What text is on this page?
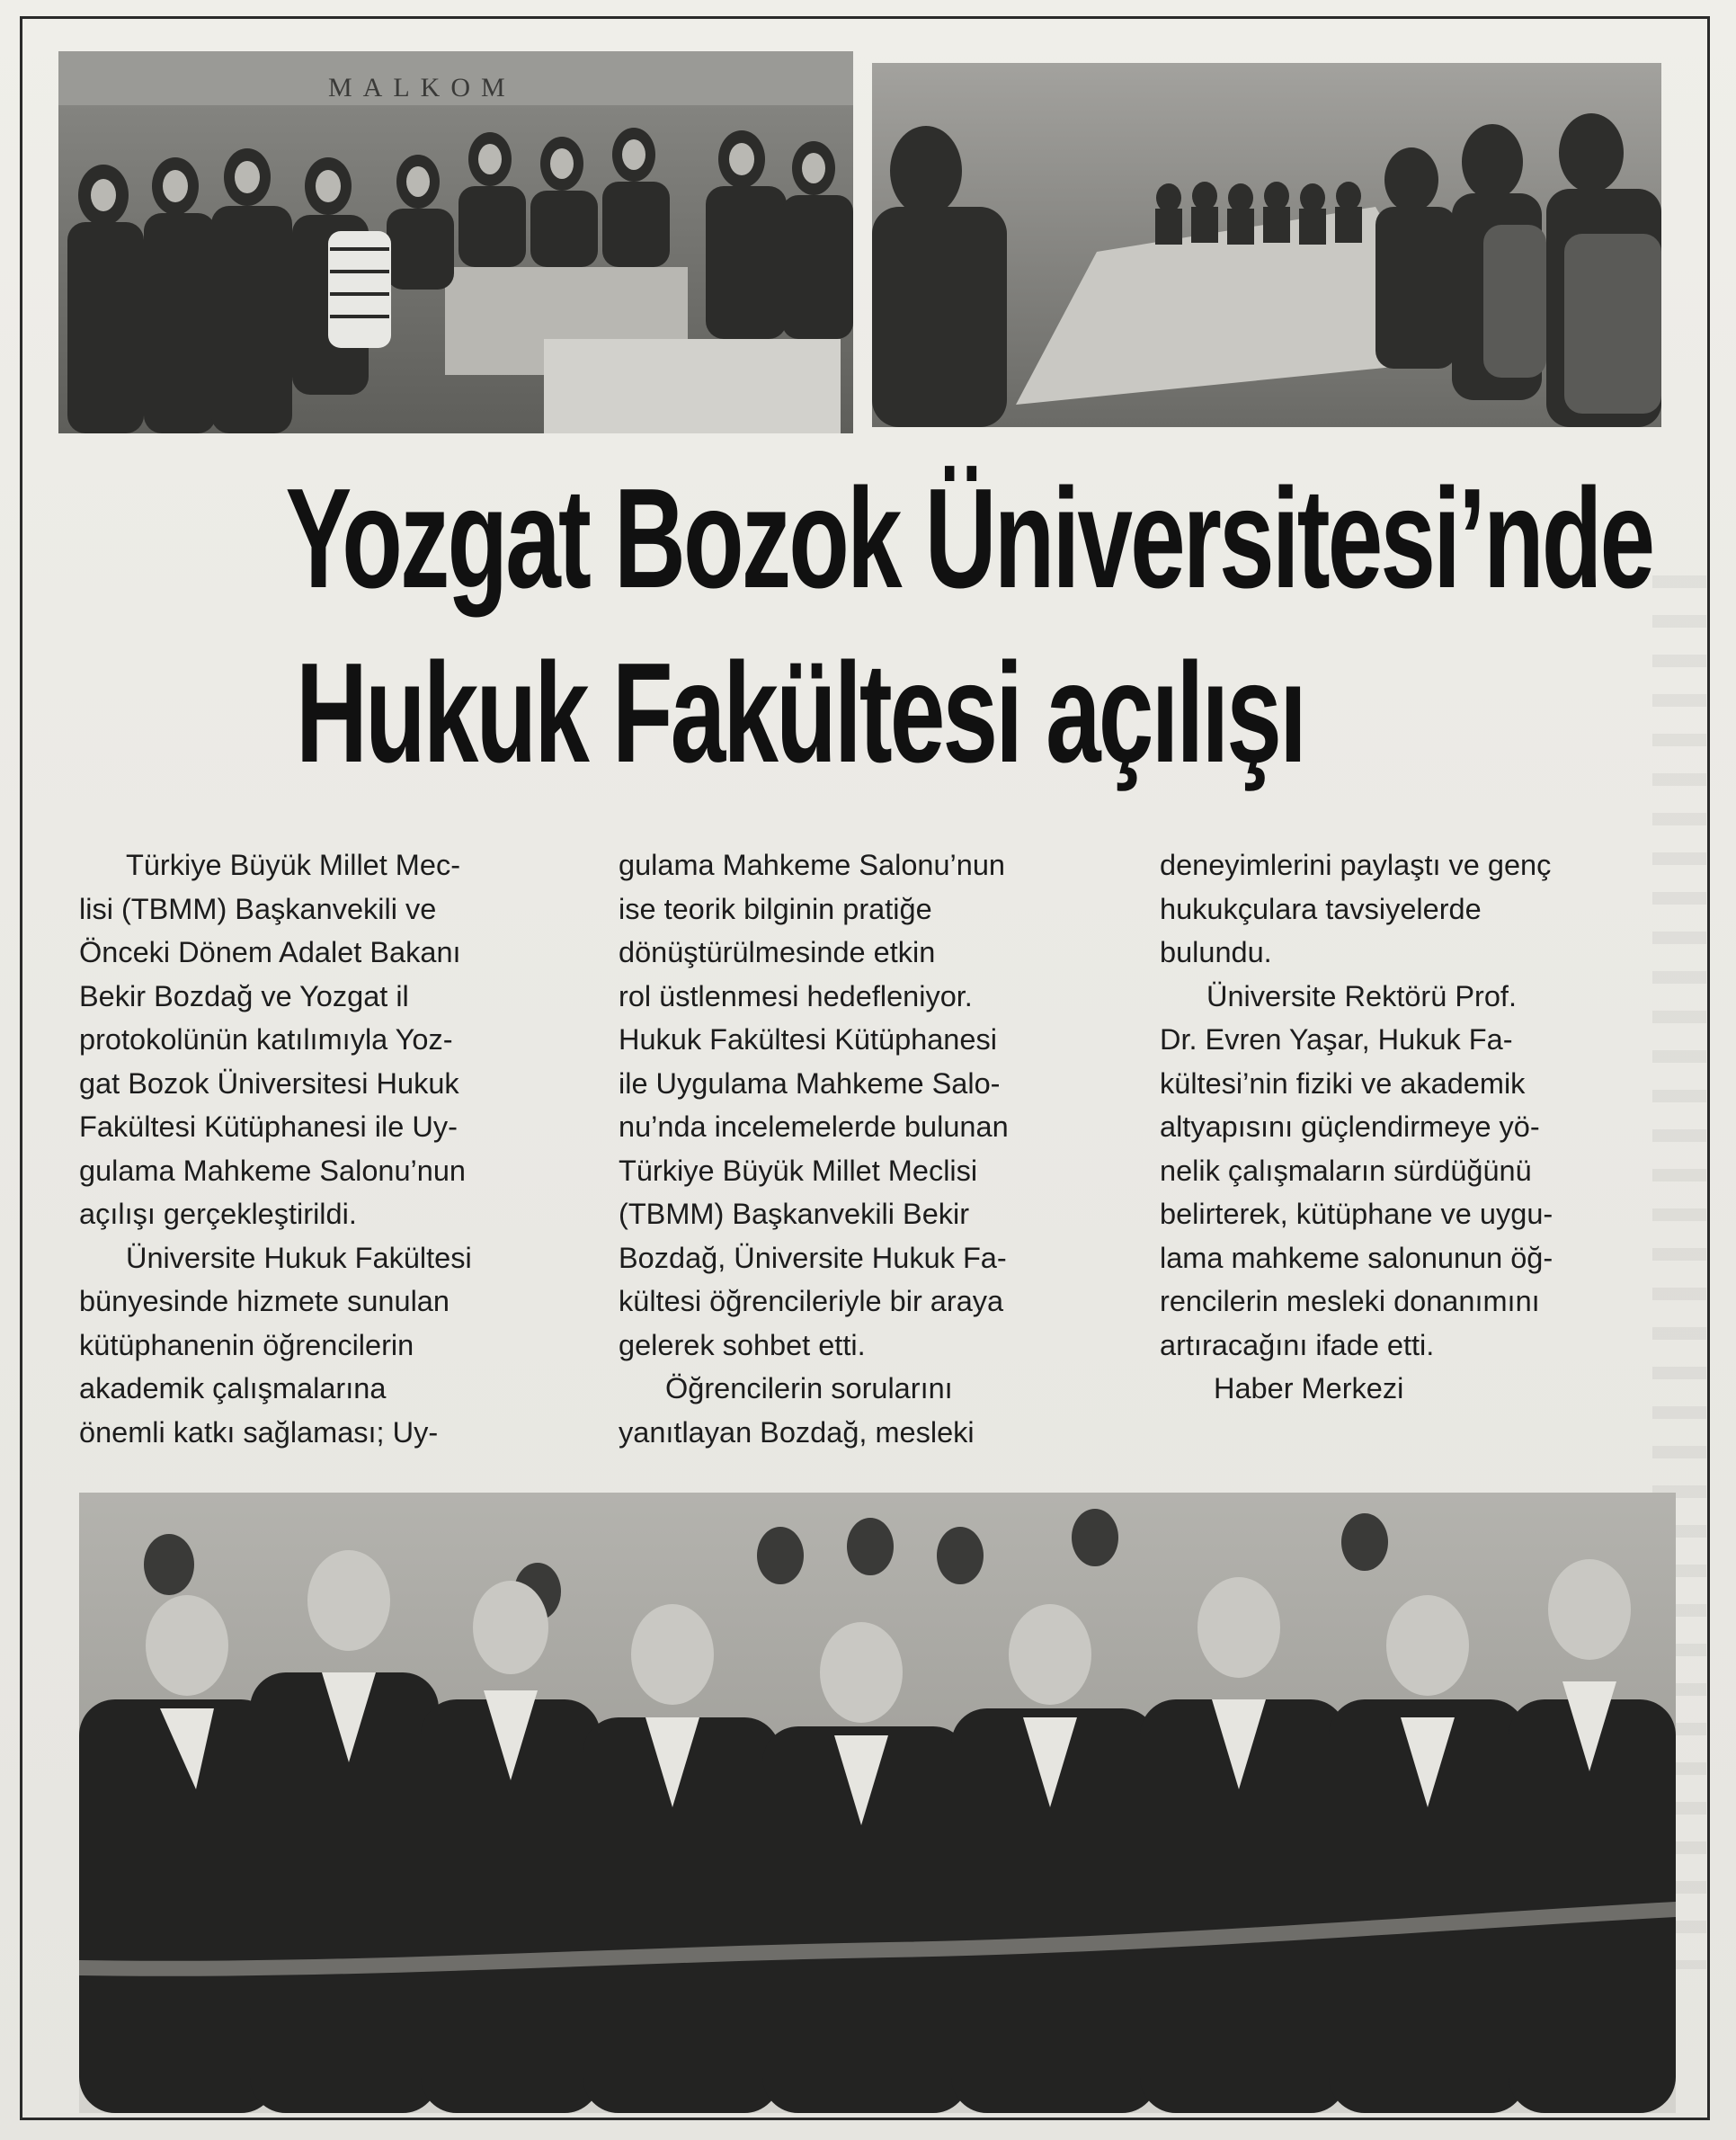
MALKOM
Yozgat Bozok Üniversitesi’nde
Hukuk Fakültesi açılışı

Türkiye Büyük Millet Mec-
lisi (TBMM) Başkanvekili ve
Önceki Dönem Adalet Bakanı
Bekir Bozdağ ve Yozgat il
protokolünün katılımıyla Yoz-
gat Bozok Üniversitesi Hukuk
Fakültesi Kütüphanesi ile Uy-
gulama Mahkeme Salonu’nun
açılışı gerçekleştirildi.

Üniversite Hukuk Fakültesi
bünyesinde hizmete sunulan
kütüphanenin öğrencilerin
akademik çalışmalarına
önemli katkı sağlaması; Uy-

gulama Mahkeme Salonu’nun
ise teorik bilginin pratiğe
dönüştürülmesinde etkin
rol üstlenmesi hedefleniyor.
Hukuk Fakültesi Kütüphanesi
ile Uygulama Mahkeme Salo-
nu’nda incelemelerde bulunan
Türkiye Büyük Millet Meclisi
(TBMM) Başkanvekili Bekir
Bozdağ, Üniversite Hukuk Fa-
kültesi öğrencileriyle bir araya
gelerek sohbet etti.

Öğrencilerin sorularını
yanıtlayan Bozdağ, mesleki

deneyimlerini paylaştı ve genç
hukukçulara tavsiyelerde
bulundu.

Üniversite Rektörü Prof.
Dr. Evren Yaşar, Hukuk Fa-
kültesi’nin fiziki ve akademik
altyapısını güçlendirmeye yö-
nelik çalışmaların sürdüğünü
belirterek, kütüphane ve uygu-
lama mahkeme salonunun öğ-
rencilerin mesleki donanımını
artıracağını ifade etti.

Haber Merkezi
